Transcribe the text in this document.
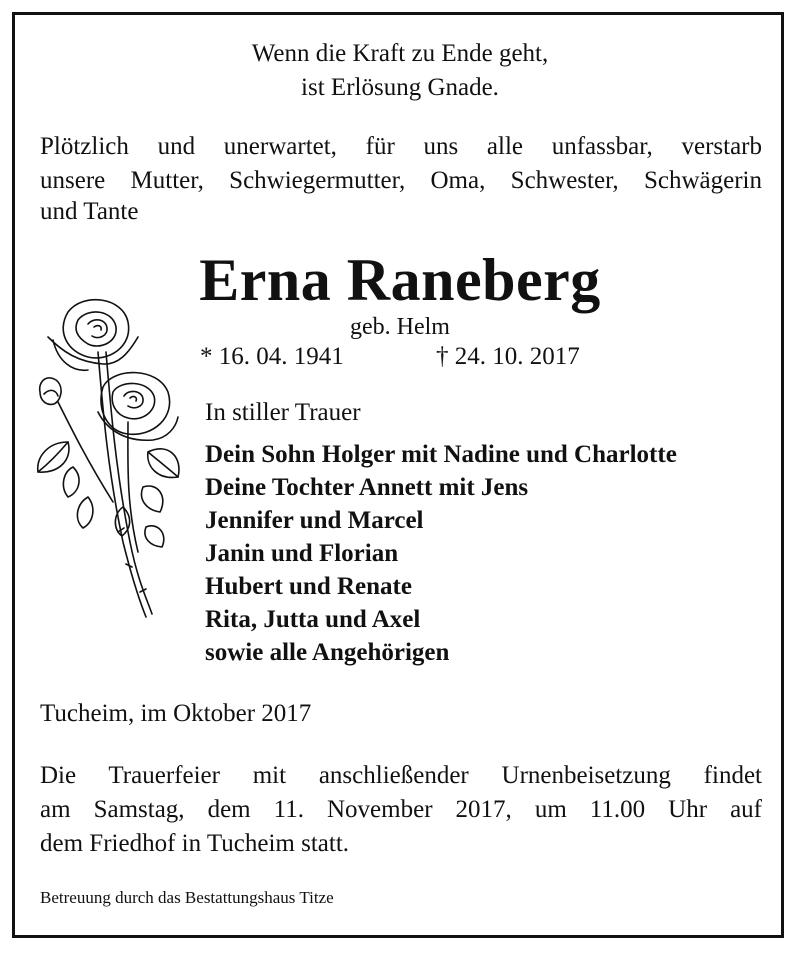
Wenn die Kraft zu Ende geht,
ist Erlösung Gnade.
Plötzlich und unerwartet, für uns alle unfassbar, verstarb
unsere Mutter, Schwiegermutter, Oma, Schwester, Schwägerin
und Tante
Erna Raneberg
geb. Helm
* 16. 04. 1941	† 24. 10. 2017
In stiller Trauer
Dein Sohn Holger mit Nadine und Charlotte
Deine Tochter Annett mit Jens
Jennifer und Marcel
Janin und Florian
Hubert und Renate
Rita, Jutta und Axel
sowie alle Angehörigen
Tucheim, im Oktober 2017
Die Trauerfeier mit anschließender Urnenbeisetzung findet
am Samstag, dem 11. November 2017, um 11.00 Uhr auf
dem Friedhof in Tucheim statt.
Betreuung durch das Bestattungshaus Titze
